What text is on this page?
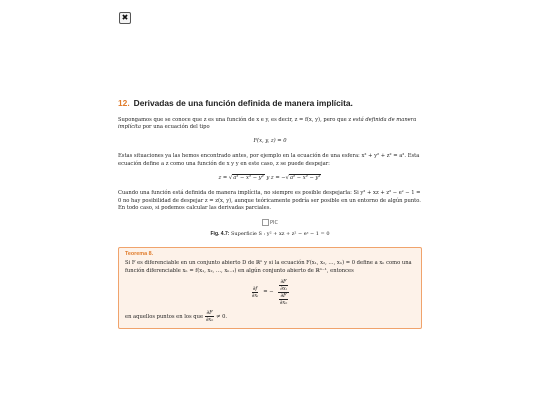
✖
12. Derivadas de una función definida de manera implícita.

Supongamos que se conoce que z es una función de x e y, es decir, z = f(x, y), pero que z está definida de manera implícita por una ecuación del tipo

F(x, y, z) = 0

Estas situaciones ya las hemos encontrado antes, por ejemplo en la ecuación de una esfera: x² + y² + z² = a². Esta ecuación define a z como una función de x y y en este caso, z se puede despejar:

z = √a² − x² − y² y z = −√a² − x² − y²

Cuando una función está definida de manera implícita, no siempre es posible despejarla: Si y² + xz + z² − eᶻ − 1 = 0 no hay posibilidad de despejar z = z(x, y), aunque teóricamente podría ser posible en un entorno de algún punto. En todo caso, si podemos calcular las derivadas parciales.

PIC
Fig. 4.7: Superficie S : y² + xz + z² − eᶻ − 1 = 0
Teorema 8.

Si F es diferenciable en un conjunto abierto D de ℝⁿ y si la ecuación F(x₁, x₂, …, xₙ) = 0 define a xₙ como una función diferenciable xₙ = f(x₁, x₂, …, xₙ₋₁) en algún conjunto abierto de ℝⁿ⁻¹, entonces

$\frac{\partial f}{\text{∂xᵢ}}$ = − $\frac{\frac{\partial F}{\text{∂xᵢ}}}{\frac{\partial F}{\text{∂xₙ}}}$
en aquellos puntos en los que $\frac{\partial F}{\text{∂xₙ}} \ne 0$.
